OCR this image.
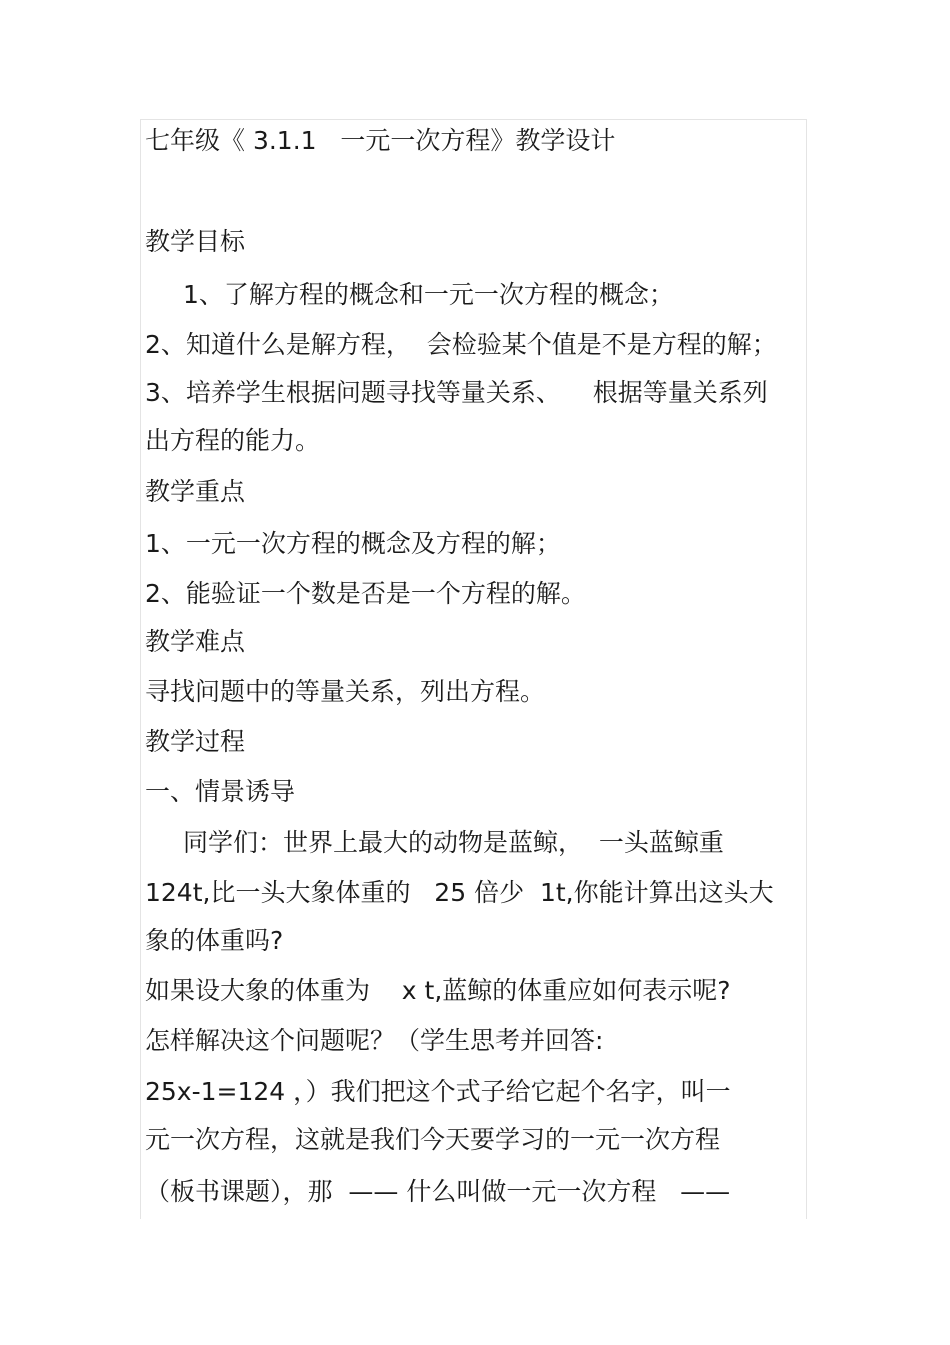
七年级《 3.1.1   一元一次方程》教学设计
教学目标
1、了解方程的概念和一元一次方程的概念；
2、知道什么是解方程，  会检验某个值是不是方程的解；
3、培养学生根据问题寻找等量关系、    根据等量关系列
出方程的能力。
教学重点
1、一元一次方程的概念及方程的解；
2、能验证一个数是否是一个方程的解。
教学难点
寻找问题中的等量关系，列出方程。
教学过程
一、情景诱导
同学们：世界上最大的动物是蓝鲸，  一头蓝鲸重
124t,比一头大象体重的   25 倍少  1t,你能计算出这头大
象的体重吗?
如果设大象的体重为    x t,蓝鲸的体重应如何表示呢?
怎样解决这个问题呢？（学生思考并回答:
25x-1=124 ，）我们把这个式子给它起个名字，叫一
元一次方程，这就是我们今天要学习的一元一次方程
（板书课题），那  —— 什么叫做一元一次方程   ——
